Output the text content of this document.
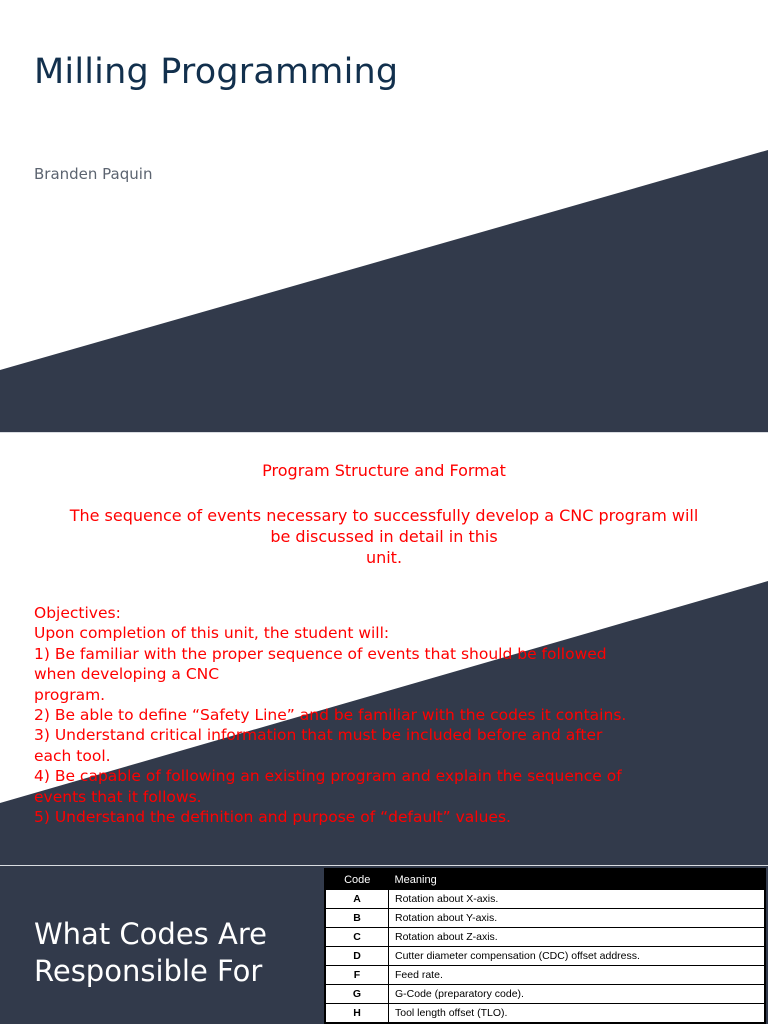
Milling Programming
Branden Paquin
Program Structure and Format
The sequence of events necessary to successfully develop a CNC program will
be discussed in detail in this
unit.
Objectives:
Upon completion of this unit, the student will:
1) Be familiar with the proper sequence of events that should be followed
when developing a CNC
program.
2) Be able to define “Safety Line” and be familiar with the codes it contains.
3) Understand critical information that must be included before and after
each tool.
4) Be capable of following an existing program and explain the sequence of
events that it follows.
5) Understand the definition and purpose of “default” values.
What Codes Are
Responsible For
Code	Meaning
A	Rotation about X-axis.
B	Rotation about Y-axis.
C	Rotation about Z-axis.
D	Cutter diameter compensation (CDC) offset address.
F	Feed rate.
G	G-Code (preparatory code).
H	Tool length offset (TLO).
